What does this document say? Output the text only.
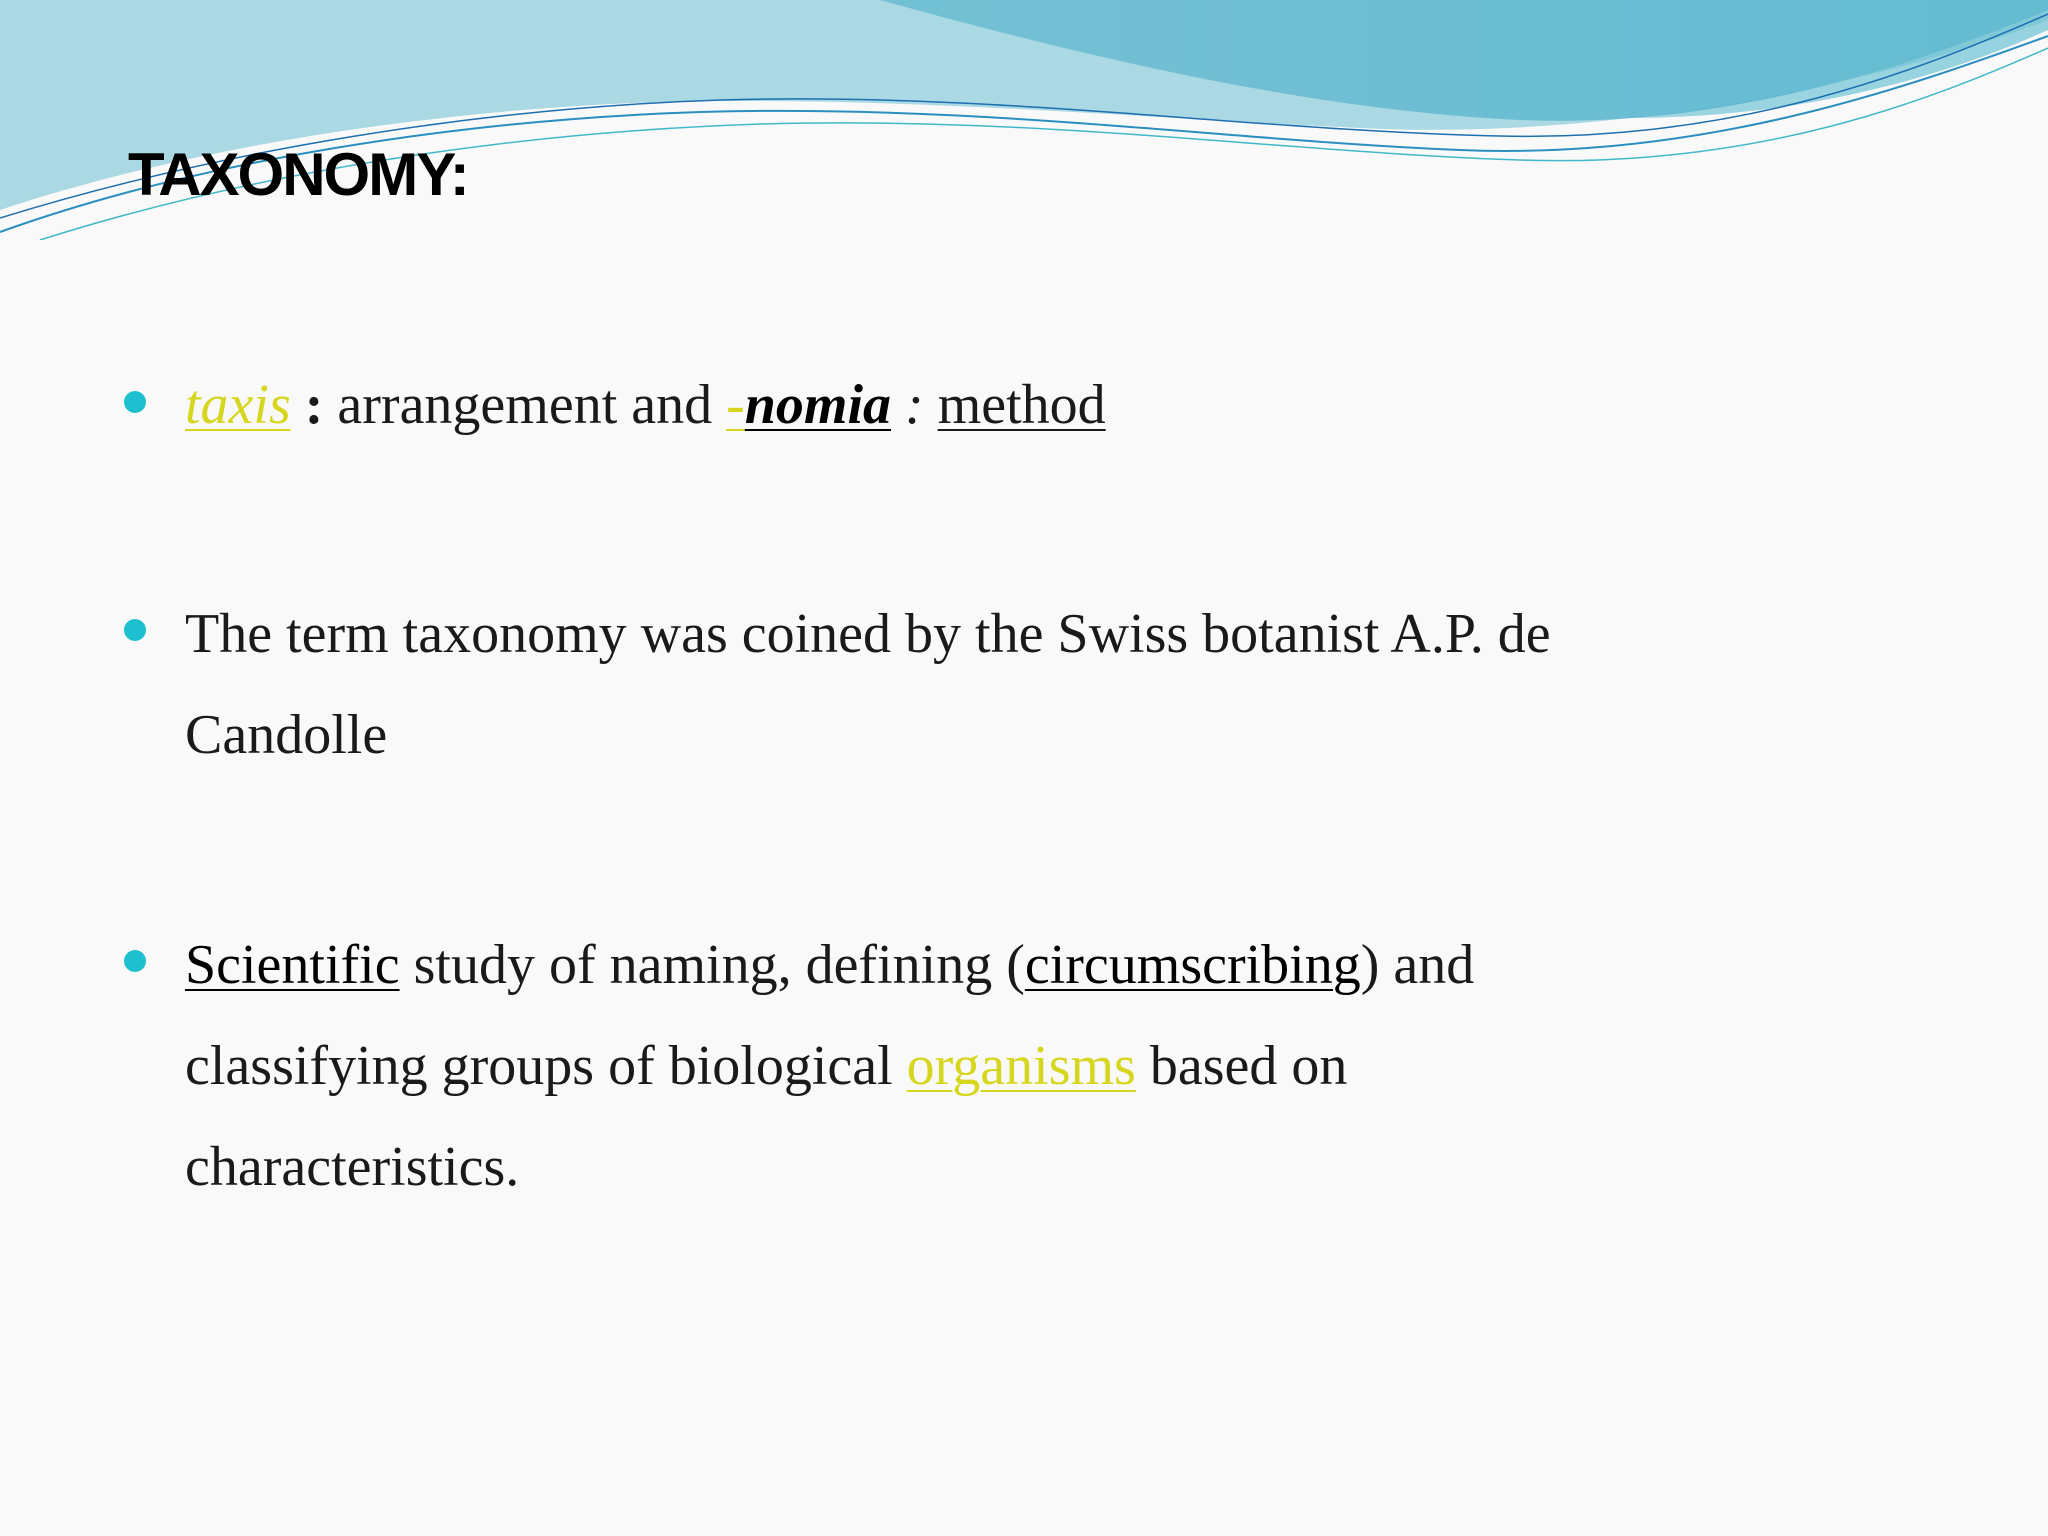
TAXONOMY:

taxis : arrangement and -nomia : method

The term taxonomy was coined by the Swiss botanist A.P. de
Candolle

Scientific study of naming, defining (circumscribing) and
classifying groups of biological organisms based on
characteristics.
